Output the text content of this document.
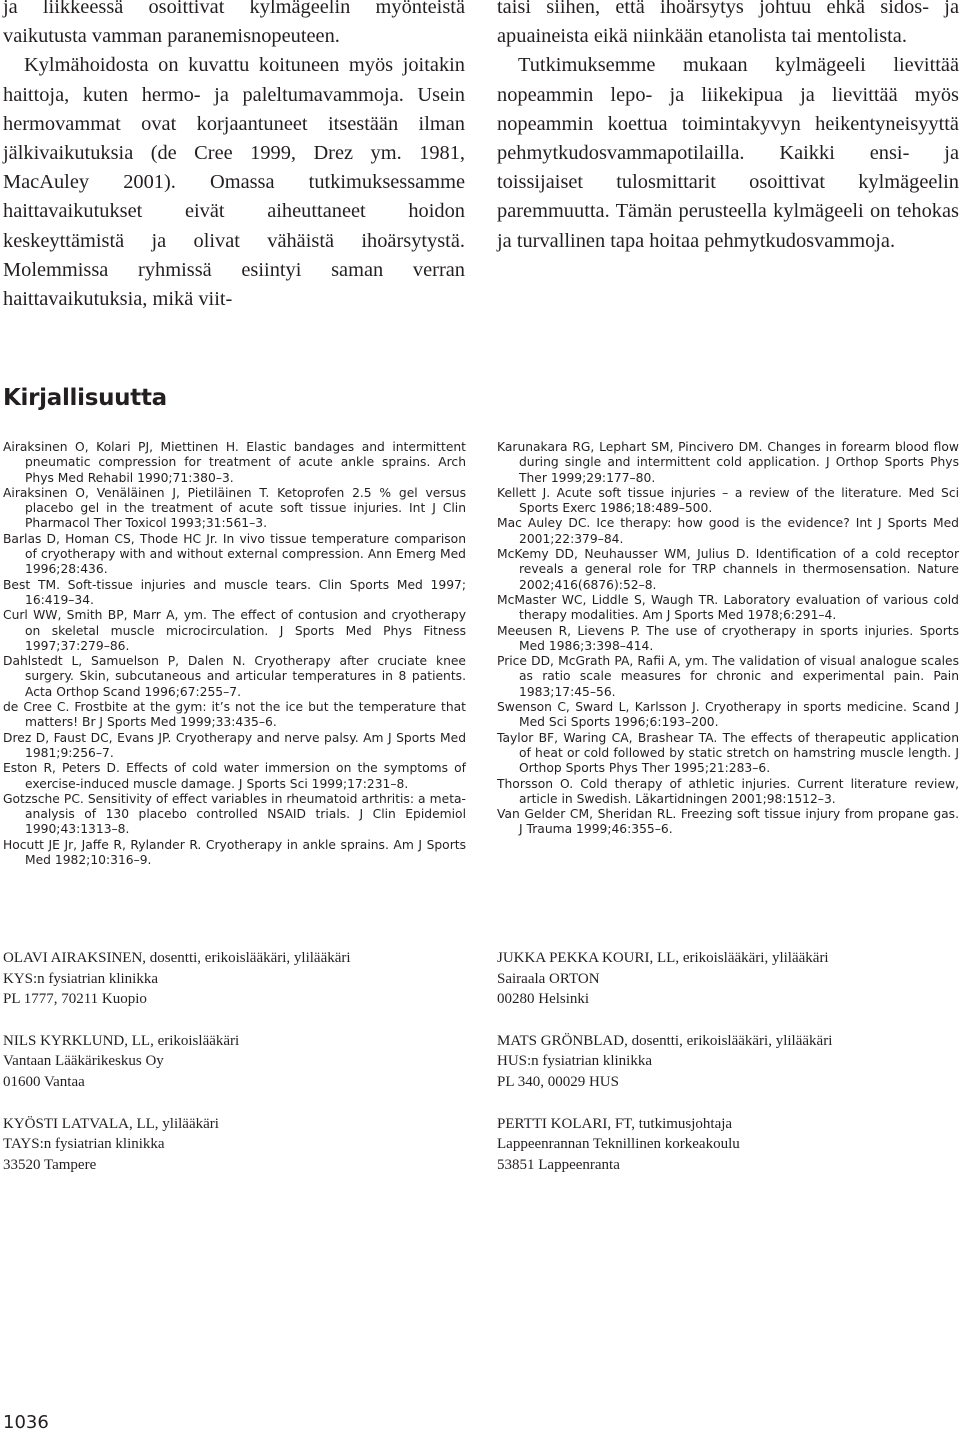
ja liikkeessä osoittivat kylmägeelin myönteistä vaikutusta vamman paranemisnopeuteen.

Kylmähoidosta on kuvattu koituneen myös joitakin haittoja, kuten hermo- ja paleltumavammoja. Usein hermovammat ovat korjaantuneet itsestään ilman jälkivaikutuksia (de Cree 1999, Drez ym. 1981, MacAuley 2001). Omassa tutkimuksessamme haittavaikutukset eivät aiheuttaneet hoidon keskeyttämistä ja olivat vähäistä ihoärsytystä. Molemmissa ryhmissä esiintyi saman verran haittavaikutuksia, mikä viit-

taisi siihen, että ihoärsytys johtuu ehkä sidos- ja apuaineista eikä niinkään etanolista tai mentolista.

Tutkimuksemme mukaan kylmägeeli lievittää nopeammin lepo- ja liikekipua ja lievittää myös nopeammin koettua toimintakyvyn heikentyneisyyttä pehmytkudosvammapotilailla. Kaikki ensi- ja toissijaiset tulosmittarit osoittivat kylmägeelin paremmuutta. Tämän perusteella kylmägeeli on tehokas ja turvallinen tapa hoitaa pehmytkudosvammoja.

Kirjallisuutta
Airaksinen O, Kolari PJ, Miettinen H. Elastic bandages and intermittent pneumatic compression for treatment of acute ankle sprains. Arch Phys Med Rehabil 1990;71:380–3.
Airaksinen O, Venäläinen J, Pietiläinen T. Ketoprofen 2.5 % gel versus placebo gel in the treatment of acute soft tissue injuries. Int J Clin Pharmacol Ther Toxicol 1993;31:561–3.
Barlas D, Homan CS, Thode HC Jr. In vivo tissue temperature comparison of cryotherapy with and without external compression. Ann Emerg Med 1996;28:436.
Best TM. Soft-tissue injuries and muscle tears. Clin Sports Med 1997; 16:419–34.
Curl WW, Smith BP, Marr A, ym. The effect of contusion and cryotherapy on skeletal muscle microcirculation. J Sports Med Phys Fitness 1997;37:279–86.
Dahlstedt L, Samuelson P, Dalen N. Cryotherapy after cruciate knee surgery. Skin, subcutaneous and articular temperatures in 8 patients. Acta Orthop Scand 1996;67:255–7.
de Cree C. Frostbite at the gym: it’s not the ice but the temperature that matters! Br J Sports Med 1999;33:435–6.
Drez D, Faust DC, Evans JP. Cryotherapy and nerve palsy. Am J Sports Med 1981;9:256–7.
Eston R, Peters D. Effects of cold water immersion on the symptoms of exercise-induced muscle damage. J Sports Sci 1999;17:231–8.
Gotzsche PC. Sensitivity of effect variables in rheumatoid arthritis: a meta-analysis of 130 placebo controlled NSAID trials. J Clin Epidemiol 1990;43:1313–8.
Hocutt JE Jr, Jaffe R, Rylander R. Cryotherapy in ankle sprains. Am J Sports Med 1982;10:316–9.
Karunakara RG, Lephart SM, Pincivero DM. Changes in forearm blood flow during single and intermittent cold application. J Orthop Sports Phys Ther 1999;29:177–80.
Kellett J. Acute soft tissue injuries – a review of the literature. Med Sci Sports Exerc 1986;18:489–500.
Mac Auley DC. Ice therapy: how good is the evidence? Int J Sports Med 2001;22:379–84.
McKemy DD, Neuhausser WM, Julius D. Identification of a cold receptor reveals a general role for TRP channels in thermosensation. Nature 2002;416(6876):52–8.
McMaster WC, Liddle S, Waugh TR. Laboratory evaluation of various cold therapy modalities. Am J Sports Med 1978;6:291–4.
Meeusen R, Lievens P. The use of cryotherapy in sports injuries. Sports Med 1986;3:398–414.
Price DD, McGrath PA, Rafii A, ym. The validation of visual analogue scales as ratio scale measures for chronic and experimental pain. Pain 1983;17:45–56.
Swenson C, Sward L, Karlsson J. Cryotherapy in sports medicine. Scand J Med Sci Sports 1996;6:193–200.
Taylor BF, Waring CA, Brashear TA. The effects of therapeutic application of heat or cold followed by static stretch on hamstring muscle length. J Orthop Sports Phys Ther 1995;21:283–6.
Thorsson O. Cold therapy of athletic injuries. Current literature review, article in Swedish. Läkartidningen 2001;98:1512–3.
Van Gelder CM, Sheridan RL. Freezing soft tissue injury from propane gas. J Trauma 1999;46:355–6.
OLAVI AIRAKSINEN, dosentti, erikoislääkäri, ylilääkäri
KYS:n fysiatrian klinikka
PL 1777, 70211 Kuopio
NILS KYRKLUND, LL, erikoislääkäri
Vantaan Lääkärikeskus Oy
01600 Vantaa
KYÖSTI LATVALA, LL, ylilääkäri
TAYS:n fysiatrian klinikka
33520 Tampere
JUKKA PEKKA KOURI, LL, erikoislääkäri, ylilääkäri
Sairaala ORTON
00280 Helsinki
MATS GRÖNBLAD, dosentti, erikoislääkäri, ylilääkäri
HUS:n fysiatrian klinikka
PL 340, 00029 HUS
PERTTI KOLARI, FT, tutkimusjohtaja
Lappeenrannan Teknillinen korkeakoulu
53851 Lappeenranta
1036
